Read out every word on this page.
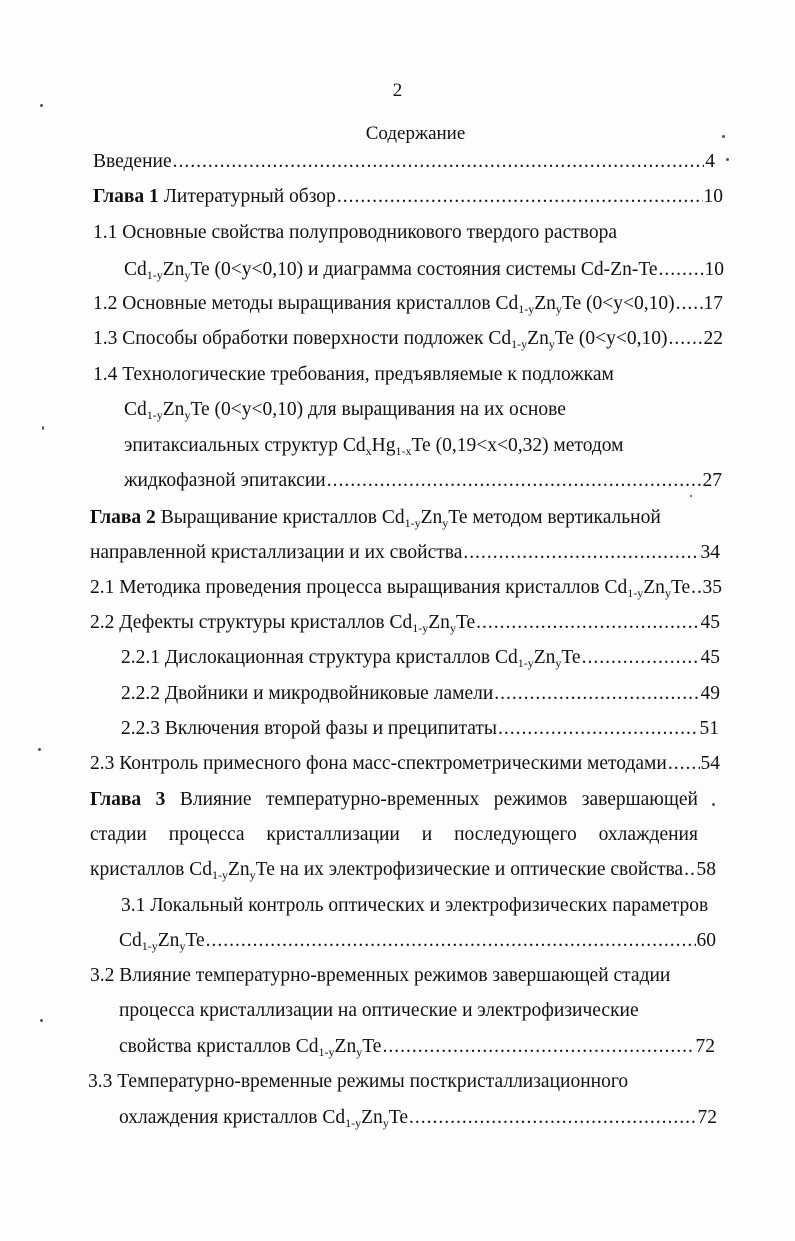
2
Содержание
Введение .....	4
Глава 1 Литературный обзор .....	10
1.1 Основные свойства полупроводникового твердого раствора
$Cd_{1-y}Zn_yTe$ (0<y<0,10) и диаграмма состояния системы Cd-Zn-Te ..... 10
1.2 Основные методы выращивания кристаллов $Cd_{1-y}Zn_yTe$ (0<y<0,10) ..... 17
1.3 Способы обработки поверхности подложек $Cd_{1-y}Zn_yTe$ (0<y<0,10) ..... 22
1.4 Технологические требования, предъявляемые к подложкам
$Cd_{1-y}Zn_yTe$ (0<y<0,10) для выращивания на их основе
эпитаксиальных структур $Cd_xHg_{1-x}Te$ (0,19<x<0,32) методом
жидкофазной эпитаксии .....	27
Глава 2 Выращивание кристаллов $Cd_{1-y}Zn_yTe$ методом вертикальной
направленной кристаллизации и их свойства .....	34
2.1 Методика проведения процесса выращивания кристаллов $Cd_{1-y}Zn_yTe$ ..... 35
2.2 Дефекты структуры кристаллов $Cd_{1-y}Zn_yTe$ .....	45
2.2.1 Дислокационная структура кристаллов $Cd_{1-y}Zn_yTe$ .....	45
2.2.2 Двойники и микродвойниковые ламели .....	49
2.2.3 Включения второй фазы и преципитаты .....	51
2.3 Контроль примесного фона масс-спектрометрическими методами ..... 54
Глава 3 Влияние температурно-временных режимов завершающей
стадии процесса кристаллизации и последующего охлаждения
кристаллов $Cd_{1-y}Zn_yTe$ на их электрофизические и оптические свойства ..... 58
3.1 Локальный контроль оптических и электрофизических параметров
$Cd_{1-y}Zn_yTe$ .....	60
3.2 Влияние температурно-временных режимов завершающей стадии
процесса кристаллизации на оптические и электрофизические
свойства кристаллов $Cd_{1-y}Zn_yTe$ .....	72
3.3 Температурно-временные режимы посткристаллизационного
охлаждения кристаллов $Cd_{1-y}Zn_yTe$ .....	72
